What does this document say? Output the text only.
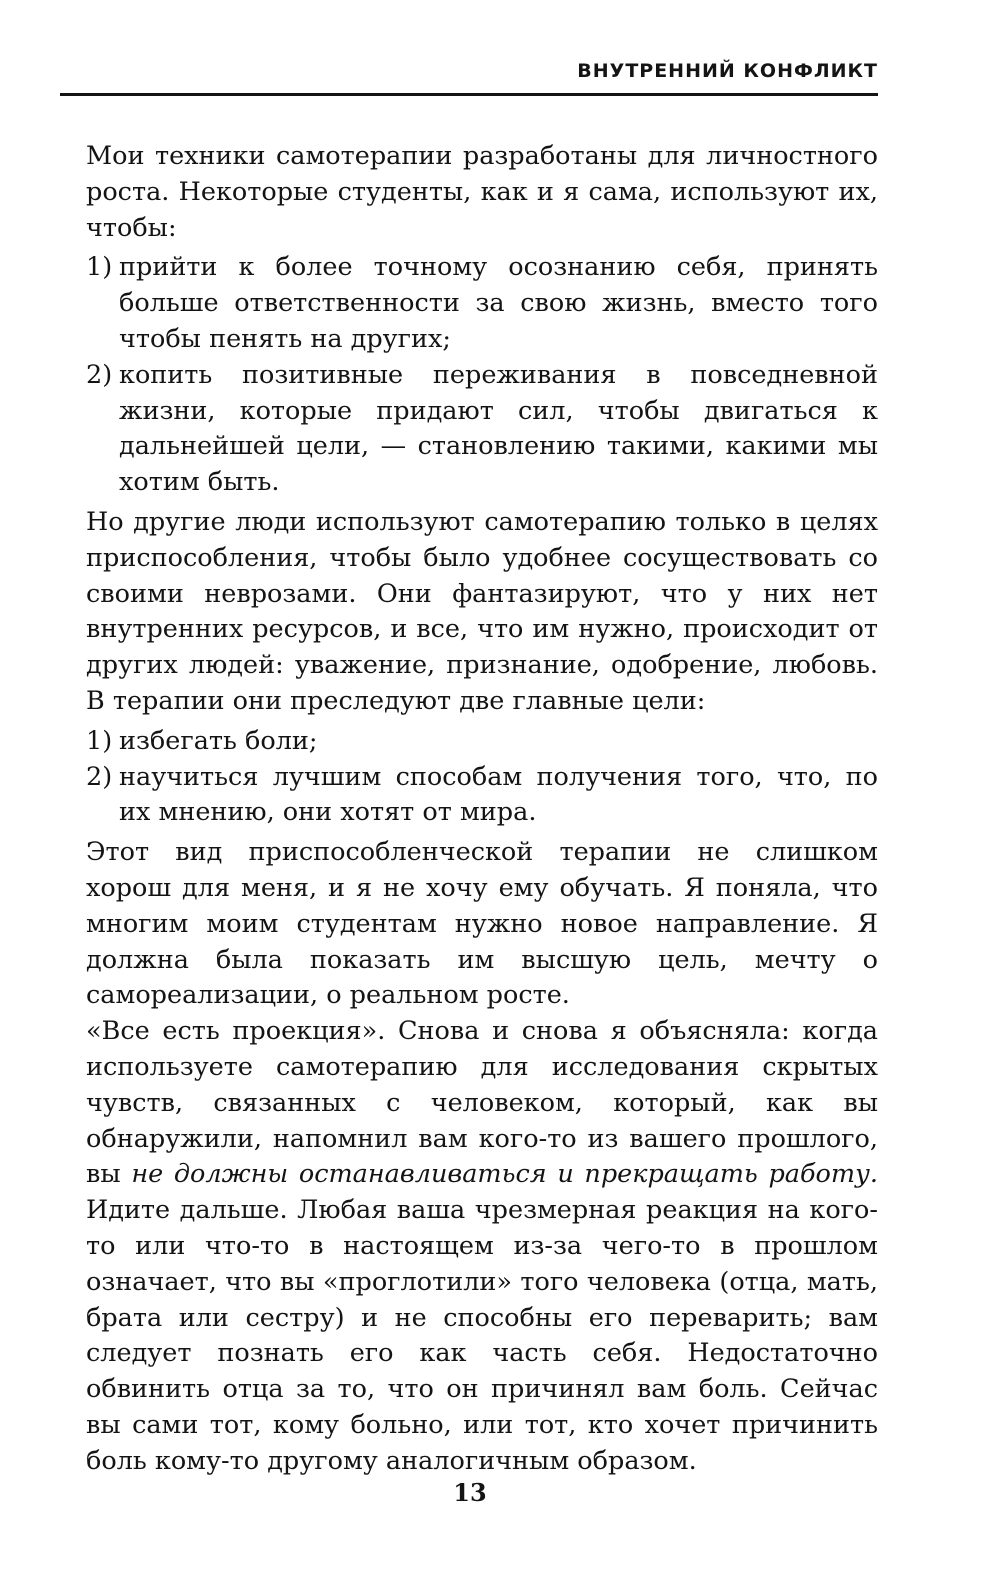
ВНУТРЕННИЙ КОНФЛИКТ

Мои техники самотерапии разработаны для личностного роста. Некоторые студенты, как и я сама, используют их, чтобы:

1) прийти к более точному осознанию себя, принять больше ответственности за свою жизнь, вместо того чтобы пенять на других;
2) копить позитивные переживания в повседневной жизни, которые придают сил, чтобы двигаться к дальнейшей цели, — становлению такими, какими мы хотим быть.

Но другие люди используют самотерапию только в целях приспособления, чтобы было удобнее сосуществовать со своими неврозами. Они фантазируют, что у них нет внутренних ресурсов, и все, что им нужно, происходит от других людей: уважение, признание, одобрение, любовь. В терапии они преследуют две главные цели:

1) избегать боли;
2) научиться лучшим способам получения того, что, по их мнению, они хотят от мира.

Этот вид приспособленческой терапии не слишком хорош для меня, и я не хочу ему обучать. Я поняла, что многим моим студентам нужно новое направление. Я должна была показать им высшую цель, мечту о самореализации, о реальном росте.

«Все есть проекция». Снова и снова я объясняла: когда используете самотерапию для исследования скрытых чувств, связанных с человеком, который, как вы обнаружили, напомнил вам кого-то из вашего прошлого, вы не должны останавливаться и прекращать работу. Идите дальше. Любая ваша чрезмерная реакция на кого-то или что-то в настоящем из-за чего-то в прошлом означает, что вы «проглотили» того человека (отца, мать, брата или сестру) и не способны его переварить; вам следует познать его как часть себя. Недостаточно обвинить отца за то, что он причинял вам боль. Сейчас вы сами тот, кому больно, или тот, кто хочет причинить боль кому-то другому аналогичным образом.

13
